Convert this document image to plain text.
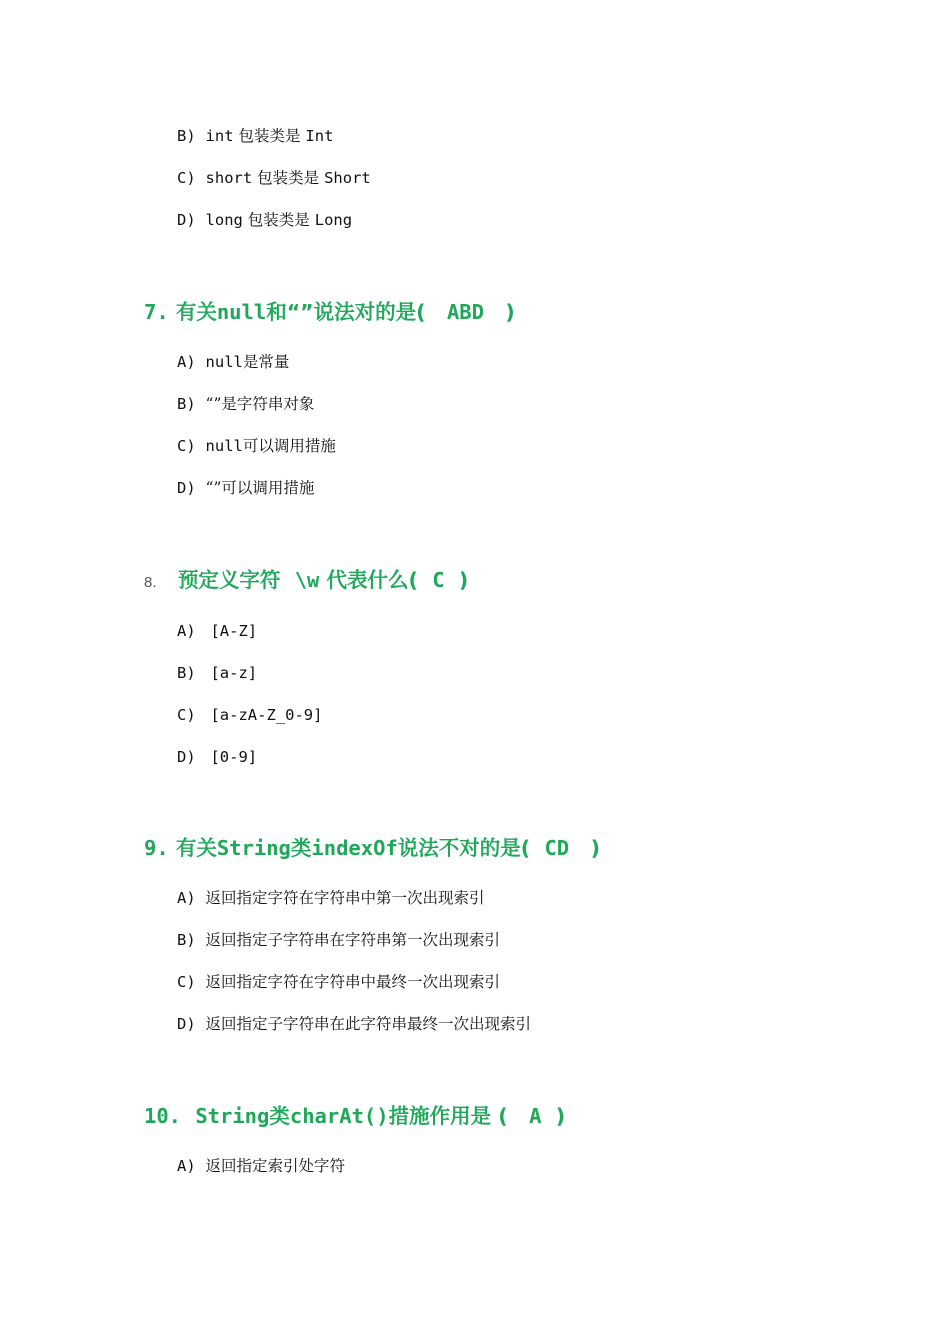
B) int 包装类是 Int
C) short 包装类是 Short
D) long 包装类是 Long
7. 有关null和“”说法对的是( ABD )
A) null是常量
B) “”是字符串对象
C) null可以调用措施
D) “”可以调用措施
8. 预定义字符 \w 代表什么( C )
A) [A-Z]
B) [a-z]
C) [a-zA-Z_0-9]
D) [0-9]
9. 有关String类indexOf说法不对的是( CD )
A) 返回指定字符在字符串中第一次出现索引
B) 返回指定子字符串在字符串第一次出现索引
C) 返回指定字符在字符串中最终一次出现索引
D) 返回指定子字符串在此字符串最终一次出现索引
10. String类charAt()措施作用是 ( A )
A) 返回指定索引处字符
